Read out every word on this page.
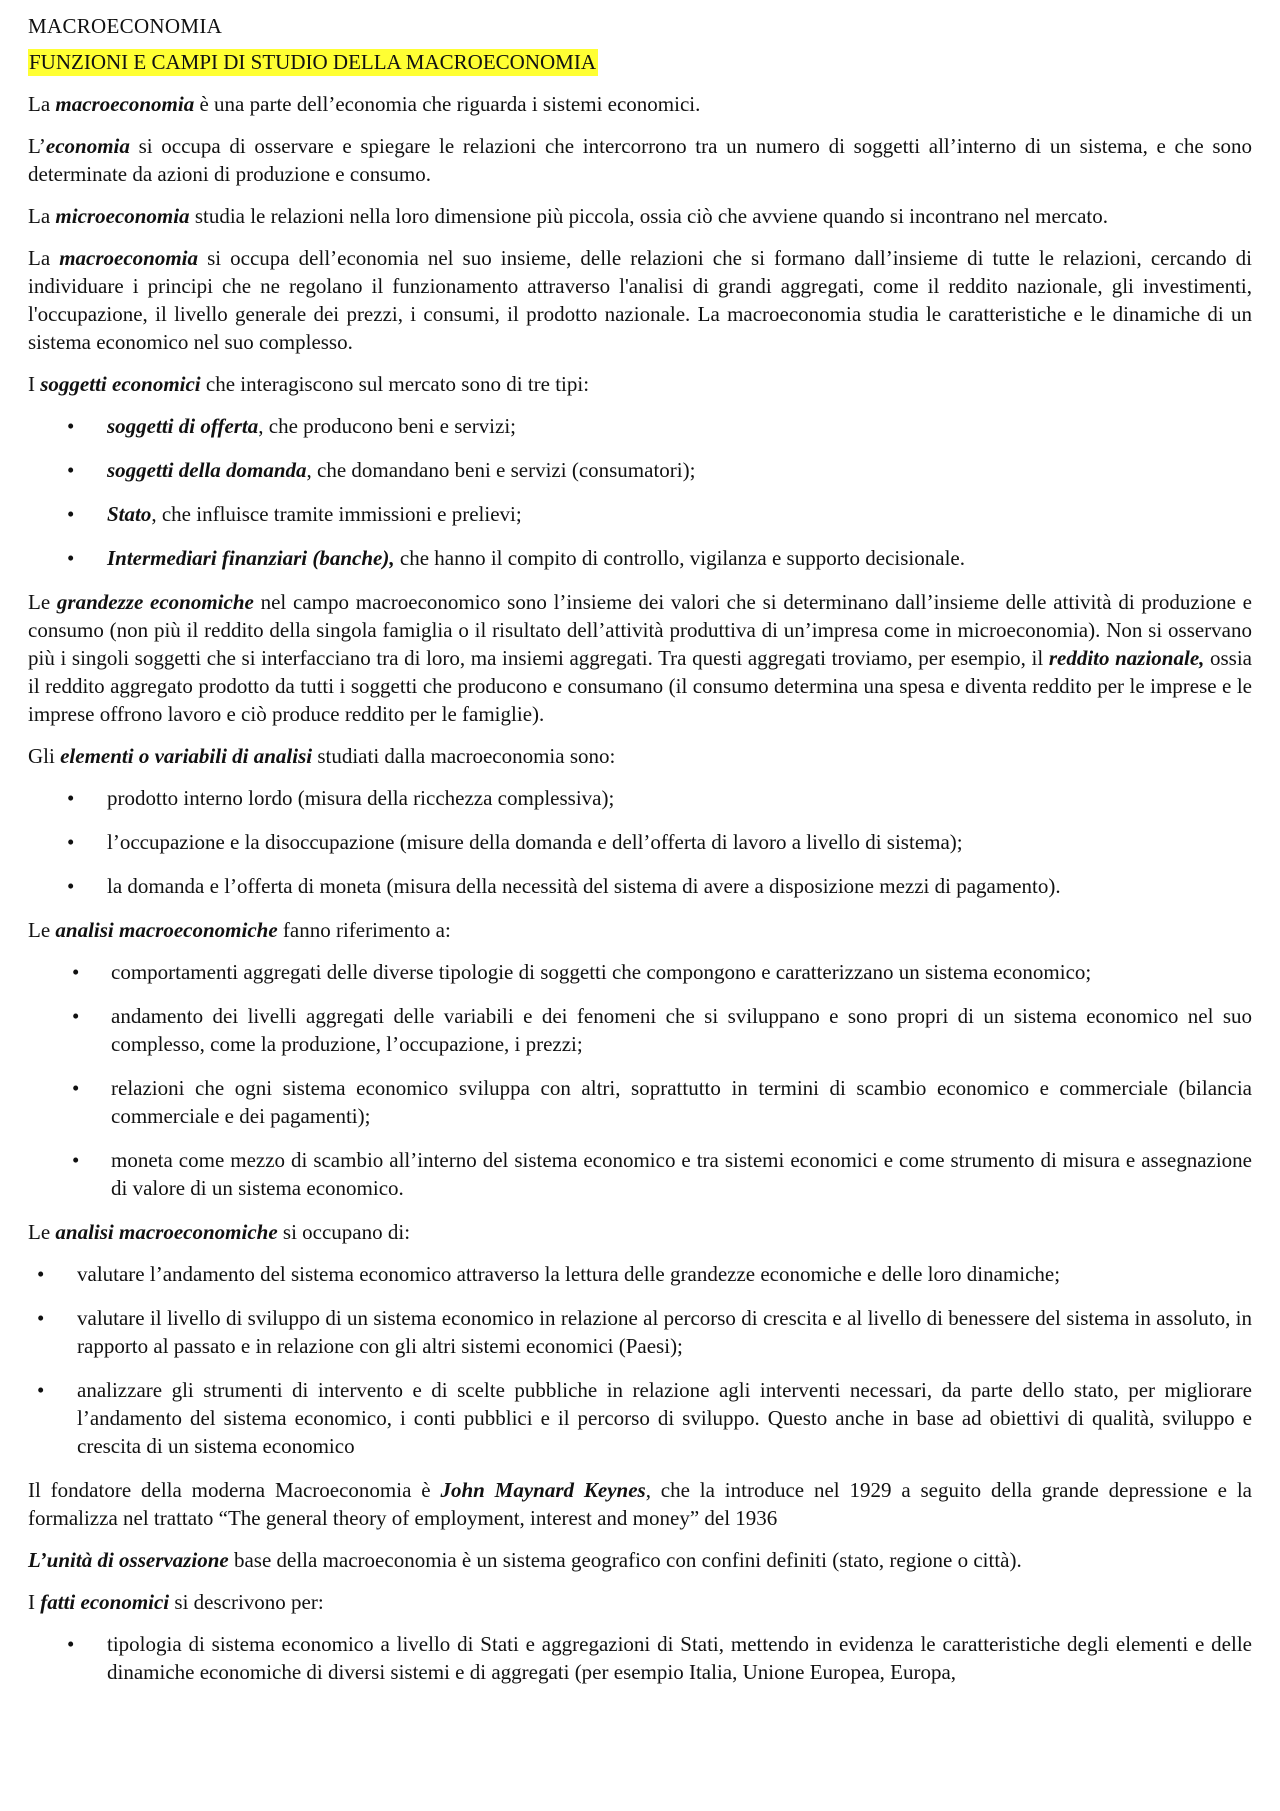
MACROECONOMIA
FUNZIONI E CAMPI DI STUDIO DELLA MACROECONOMIA

La macroeconomia è una parte dell’economia che riguarda i sistemi economici.

L’economia si occupa di osservare e spiegare le relazioni che intercorrono tra un numero di soggetti all’interno di un sistema, e che sono determinate da azioni di produzione e consumo.

La microeconomia studia le relazioni nella loro dimensione più piccola, ossia ciò che avviene quando si incontrano nel mercato.

La macroeconomia si occupa dell’economia nel suo insieme, delle relazioni che si formano dall’insieme di tutte le relazioni, cercando di individuare i principi che ne regolano il funzionamento attraverso l'analisi di grandi aggregati, come il reddito nazionale, gli investimenti, l'occupazione, il livello generale dei prezzi, i consumi, il prodotto nazionale. La macroeconomia studia le caratteristiche e le dinamiche di un sistema economico nel suo complesso.

I soggetti economici che interagiscono sul mercato sono di tre tipi:

• soggetti di offerta, che producono beni e servizi;
• soggetti della domanda, che domandano beni e servizi (consumatori);
• Stato, che influisce tramite immissioni e prelievi;
• Intermediari finanziari (banche), che hanno il compito di controllo, vigilanza e supporto decisionale.

Le grandezze economiche nel campo macroeconomico sono l’insieme dei valori che si determinano dall’insieme delle attività di produzione e consumo (non più il reddito della singola famiglia o il risultato dell’attività produttiva di un’impresa come in microeconomia). Non si osservano più i singoli soggetti che si interfacciano tra di loro, ma insiemi aggregati. Tra questi aggregati troviamo, per esempio, il reddito nazionale, ossia il reddito aggregato prodotto da tutti i soggetti che producono e consumano (il consumo determina una spesa e diventa reddito per le imprese e le imprese offrono lavoro e ciò produce reddito per le famiglie).

Gli elementi o variabili di analisi studiati dalla macroeconomia sono:

• prodotto interno lordo (misura della ricchezza complessiva);
• l’occupazione e la disoccupazione (misure della domanda e dell’offerta di lavoro a livello di sistema);
• la domanda e l’offerta di moneta (misura della necessità del sistema di avere a disposizione mezzi di pagamento).

Le analisi macroeconomiche fanno riferimento a:

• comportamenti aggregati delle diverse tipologie di soggetti che compongono e caratterizzano un sistema economico;
• andamento dei livelli aggregati delle variabili e dei fenomeni che si sviluppano e sono propri di un sistema economico nel suo complesso, come la produzione, l’occupazione, i prezzi;
• relazioni che ogni sistema economico sviluppa con altri, soprattutto in termini di scambio economico e commerciale (bilancia commerciale e dei pagamenti);
• moneta come mezzo di scambio all’interno del sistema economico e tra sistemi economici e come strumento di misura e assegnazione di valore di un sistema economico.

Le analisi macroeconomiche si occupano di:

• valutare l’andamento del sistema economico attraverso la lettura delle grandezze economiche e delle loro dinamiche;
• valutare il livello di sviluppo di un sistema economico in relazione al percorso di crescita e al livello di benessere del sistema in assoluto, in rapporto al passato e in relazione con gli altri sistemi economici (Paesi);
• analizzare gli strumenti di intervento e di scelte pubbliche in relazione agli interventi necessari, da parte dello stato, per migliorare l’andamento del sistema economico, i conti pubblici e il percorso di sviluppo. Questo anche in base ad obiettivi di qualità, sviluppo e crescita di un sistema economico

Il fondatore della moderna Macroeconomia è John Maynard Keynes, che la introduce nel 1929 a seguito della grande depressione e la formalizza nel trattato “The general theory of employment, interest and money” del 1936

L’unità di osservazione base della macroeconomia è un sistema geografico con confini definiti (stato, regione o città).

I fatti economici si descrivono per:

• tipologia di sistema economico a livello di Stati e aggregazioni di Stati, mettendo in evidenza le caratteristiche degli elementi e delle dinamiche economiche di diversi sistemi e di aggregati (per esempio Italia, Unione Europea, Europa,
